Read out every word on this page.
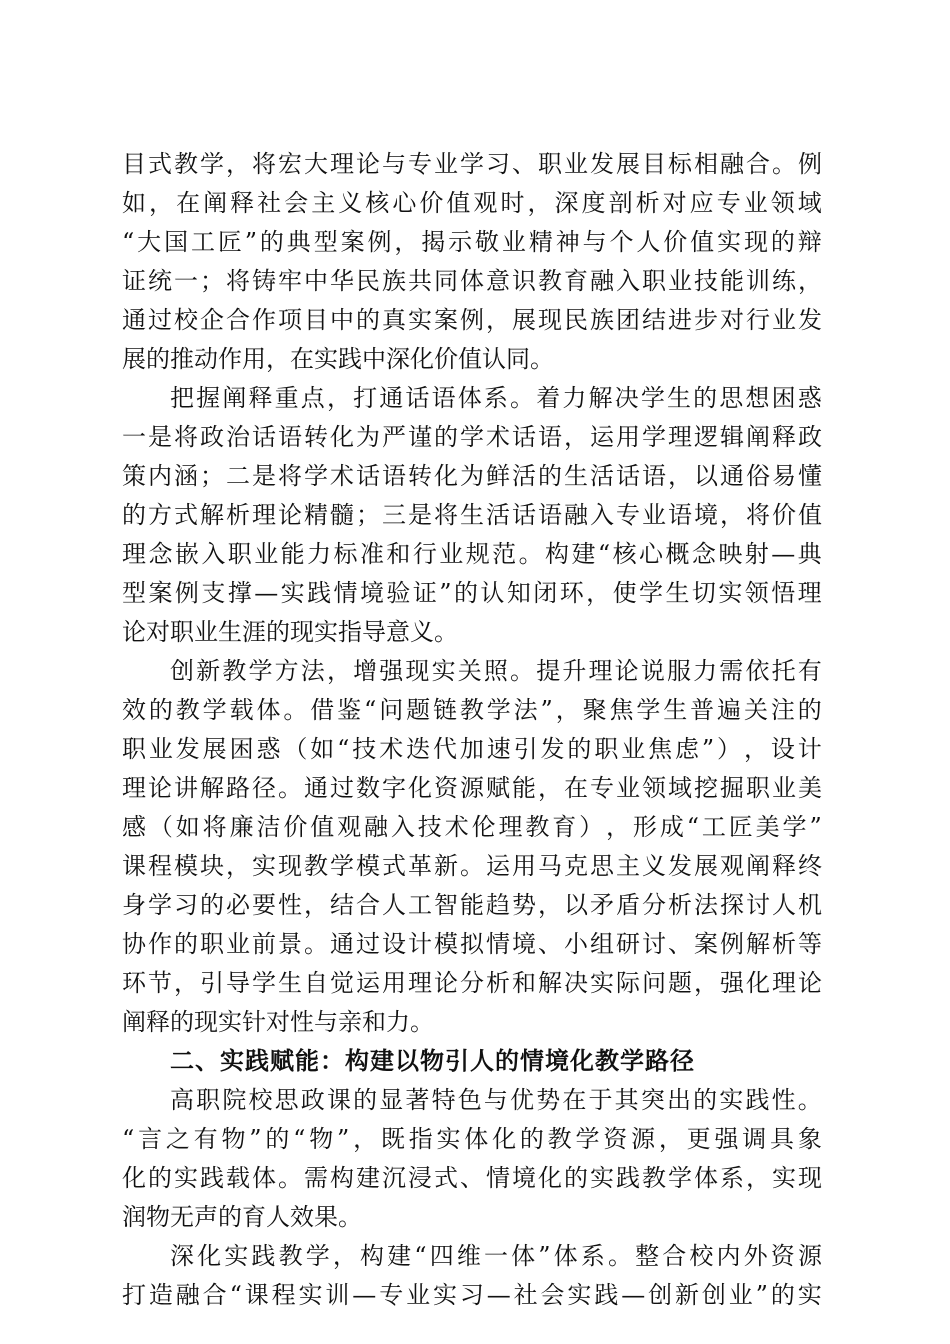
目 式 教 学 ， 将 宏 大 理 论 与 专 业 学 习 、 职 业 发 展 目 标 相 融 合 。 例
如 ， 在 阐 释 社 会 主 义 核 心 价 值 观 时 ， 深 度 剖 析 对 应 专 业 领 域
“ 大 国 工 匠 ” 的 典 型 案 例 ， 揭 示 敬 业 精 神 与 个 人 价 值 实 现 的 辩
证 统 一 ； 将 铸 牢 中 华 民 族 共 同 体 意 识 教 育 融 入 职 业 技 能 训 练 ，
通 过 校 企 合 作 项 目 中 的 真 实 案 例 ， 展 现 民 族 团 结 进 步 对 行 业 发
展的推动作用，在实践中深化价值认同。
把 握 阐 释 重 点 ， 打 通 话 语 体 系 。 着 力 解 决 学 生 的 思 想 困 惑
一 是 将 政 治 话 语 转 化 为 严 谨 的 学 术 话 语 ， 运 用 学 理 逻 辑 阐 释 政
策 内 涵 ； 二 是 将 学 术 话 语 转 化 为 鲜 活 的 生 活 话 语 ， 以 通 俗 易 懂
的 方 式 解 析 理 论 精 髓 ； 三 是 将 生 活 话 语 融 入 专 业 语 境 ， 将 价 值
理 念 嵌 入 职 业 能 力 标 准 和 行 业 规 范 。 构 建 “ 核 心 概 念 映 射 — 典
型 案 例 支 撑 — 实 践 情 境 验 证 ” 的 认 知 闭 环 ， 使 学 生 切 实 领 悟 理
论对职业生涯的现实指导意义。
创 新 教 学 方 法 ， 增 强 现 实 关 照 。 提 升 理 论 说 服 力 需 依 托 有
效 的 教 学 载 体 。 借 鉴 “ 问 题 链 教 学 法 ” ， 聚 焦 学 生 普 遍 关 注 的
职 业 发 展 困 惑 （ 如 “ 技 术 迭 代 加 速 引 发 的 职 业 焦 虑 ” ） ， 设 计
理 论 讲 解 路 径 。 通 过 数 字 化 资 源 赋 能 ， 在 专 业 领 域 挖 掘 职 业 美
感 （ 如 将 廉 洁 价 值 观 融 入 技 术 伦 理 教 育 ） ， 形 成 “ 工 匠 美 学 ”
课 程 模 块 ， 实 现 教 学 模 式 革 新 。 运 用 马 克 思 主 义 发 展 观 阐 释 终
身 学 习 的 必 要 性 ， 结 合 人 工 智 能 趋 势 ， 以 矛 盾 分 析 法 探 讨 人 机
协 作 的 职 业 前 景 。 通 过 设 计 模 拟 情 境 、 小 组 研 讨 、 案 例 解 析 等
环 节 ， 引 导 学 生 自 觉 运 用 理 论 分 析 和 解 决 实 际 问 题 ， 强 化 理 论
阐释的现实针对性与亲和力。
二、实践赋能：构建以物引人的情境化教学路径
高 职 院 校 思 政 课 的 显 著 特 色 与 优 势 在 于 其 突 出 的 实 践 性 。
“ 言 之 有 物 ” 的 “ 物 ” ， 既 指 实 体 化 的 教 学 资 源 ， 更 强 调 具 象
化 的 实 践 载 体 。 需 构 建 沉 浸 式 、 情 境 化 的 实 践 教 学 体 系 ， 实 现
润物无声的育人效果。
深 化 实 践 教 学 ， 构 建 “ 四 维 一 体 ” 体 系 。 整 合 校 内 外 资 源
打 造 融 合 “ 课 程 实 训 — 专 业 实 习 — 社 会 实 践 — 创 新 创 业 ” 的 实
